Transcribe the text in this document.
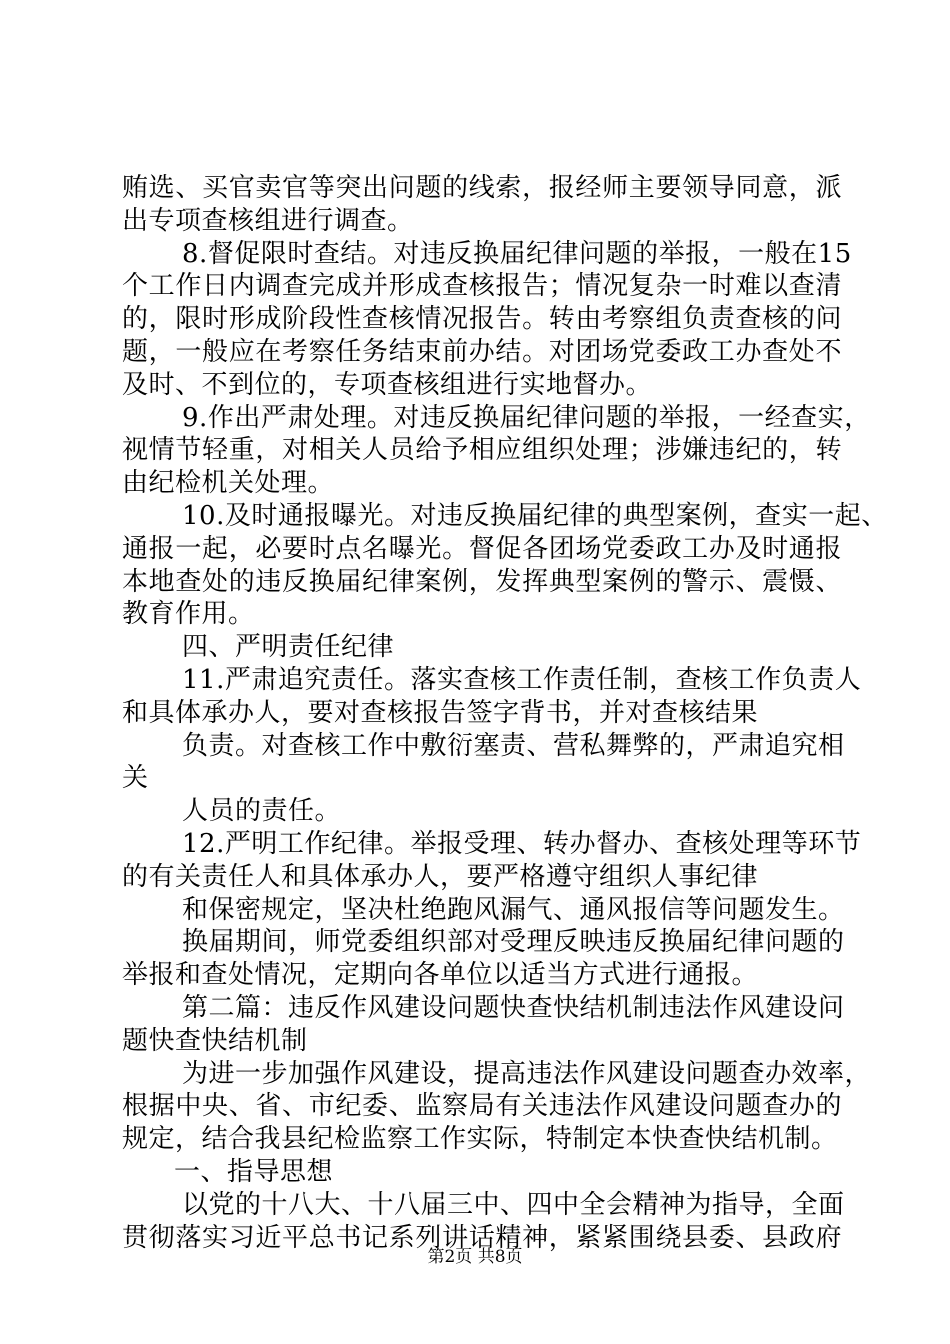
贿 选 、 买 官 卖 官 等 突 出 问 题 的 线 索 ， 报 经 师 主 要 领 导 同 意 ， 派
出专项查核组进行调查。
8 . 督 促 限 时 查 结 。 对 违 反 换 届 纪 律 问 题 的 举 报 ， 一 般 在 1 5
个 工 作 日 内 调 查 完 成 并 形 成 查 核 报 告 ； 情 况 复 杂 一 时 难 以 查 清
的 ， 限 时 形 成 阶 段 性 查 核 情 况 报 告 。 转 由 考 察 组 负 责 查 核 的 问
题 ， 一 般 应 在 考 察 任 务 结 束 前 办 结 。 对 团 场 党 委 政 工 办 查 处 不
及时、不到位的，专项查核组进行实地督办。
9 . 作 出 严 肃 处 理 。 对 违 反 换 届 纪 律 问 题 的 举 报 ， 一 经 查 实 ，
视 情 节 轻 重 ， 对 相 关 人 员 给 予 相 应 组 织 处 理 ； 涉 嫌 违 纪 的 ， 转
由纪检机关处理。
1 0 . 及 时 通 报 曝 光 。 对 违 反 换 届 纪 律 的 典 型 案 例 ， 查 实 一 起 、
通 报 一 起 ， 必 要 时 点 名 曝 光 。 督 促 各 团 场 党 委 政 工 办 及 时 通 报
本 地 查 处 的 违 反 换 届 纪 律 案 例 ， 发 挥 典 型 案 例 的 警 示 、 震 慑 、
教育作用。
四、严明责任纪律
1 1 . 严 肃 追 究 责 任 。 落 实 查 核 工 作 责 任 制 ， 查 核 工 作 负 责 人
和具体承办人，要对查核报告签字背书，并对查核结果
负责。对查核工作中敷衍塞责、营私舞弊的，严肃追究相
关
人员的责任。
1 2 . 严 明 工 作 纪 律 。 举 报 受 理 、 转 办 督 办 、 查 核 处 理 等 环 节
的有关责任人和具体承办人，要严格遵守组织人事纪律
和保密规定，坚决杜绝跑风漏气、通风报信等问题发生。
换届期间，师党委组织部对受理反映违反换届纪律问题的
举报和查处情况，定期向各单位以适当方式进行通报。
第二篇：违反作风建设问题快查快结机制违法作风建设问
题快查快结机制
为进一步加强作风建设，提高违法作风建设问题查办效率，
根 据 中 央 、 省 、 市 纪 委 、 监 察 局 有 关 违 法 作 风 建 设 问 题 查 办 的
规定，结合我县纪检监察工作实际，特制定本快查快结机制。
一、指导思想
以党的十八大、十八届三中、四中全会精神为指导，全面
贯 彻 落 实 习 近 平 总 书 记 系 列 讲 话 精 神 ， 紧 紧 围 绕 县 委 、 县 政 府
第2页 共8页
